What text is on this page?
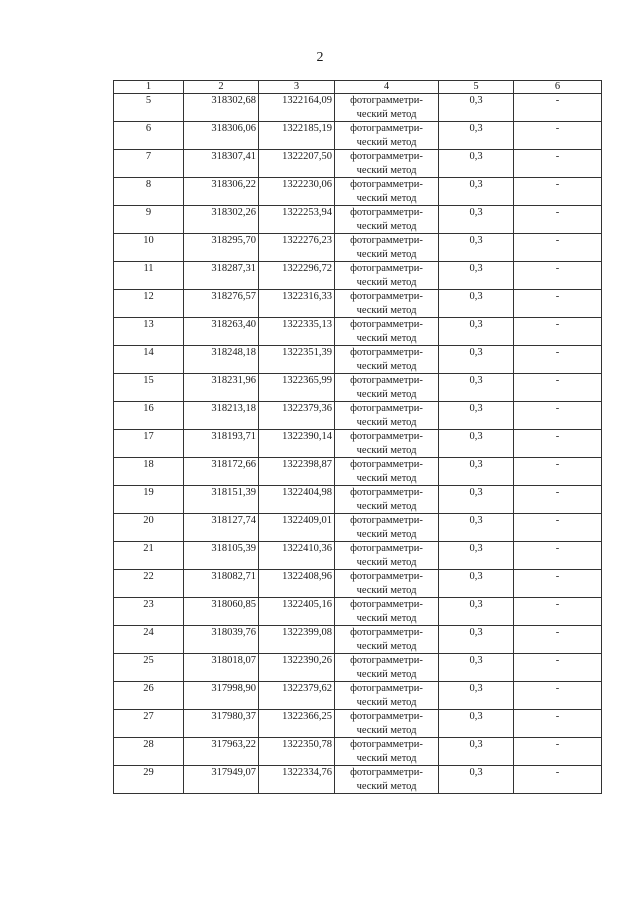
2
1	2	3	4	5	6
5	318302,68	1322164,09	фотограмметри-
ческий метод	0,3	-
6	318306,06	1322185,19	фотограмметри-
ческий метод	0,3	-
7	318307,41	1322207,50	фотограмметри-
ческий метод	0,3	-
8	318306,22	1322230,06	фотограмметри-
ческий метод	0,3	-
9	318302,26	1322253,94	фотограмметри-
ческий метод	0,3	-
10	318295,70	1322276,23	фотограмметри-
ческий метод	0,3	-
11	318287,31	1322296,72	фотограмметри-
ческий метод	0,3	-
12	318276,57	1322316,33	фотограмметри-
ческий метод	0,3	-
13	318263,40	1322335,13	фотограмметри-
ческий метод	0,3	-
14	318248,18	1322351,39	фотограмметри-
ческий метод	0,3	-
15	318231,96	1322365,99	фотограмметри-
ческий метод	0,3	-
16	318213,18	1322379,36	фотограмметри-
ческий метод	0,3	-
17	318193,71	1322390,14	фотограмметри-
ческий метод	0,3	-
18	318172,66	1322398,87	фотограмметри-
ческий метод	0,3	-
19	318151,39	1322404,98	фотограмметри-
ческий метод	0,3	-
20	318127,74	1322409,01	фотограмметри-
ческий метод	0,3	-
21	318105,39	1322410,36	фотограмметри-
ческий метод	0,3	-
22	318082,71	1322408,96	фотограмметри-
ческий метод	0,3	-
23	318060,85	1322405,16	фотограмметри-
ческий метод	0,3	-
24	318039,76	1322399,08	фотограмметри-
ческий метод	0,3	-
25	318018,07	1322390,26	фотограмметри-
ческий метод	0,3	-
26	317998,90	1322379,62	фотограмметри-
ческий метод	0,3	-
27	317980,37	1322366,25	фотограмметри-
ческий метод	0,3	-
28	317963,22	1322350,78	фотограмметри-
ческий метод	0,3	-
29	317949,07	1322334,76	фотограмметри-
ческий метод	0,3	-
